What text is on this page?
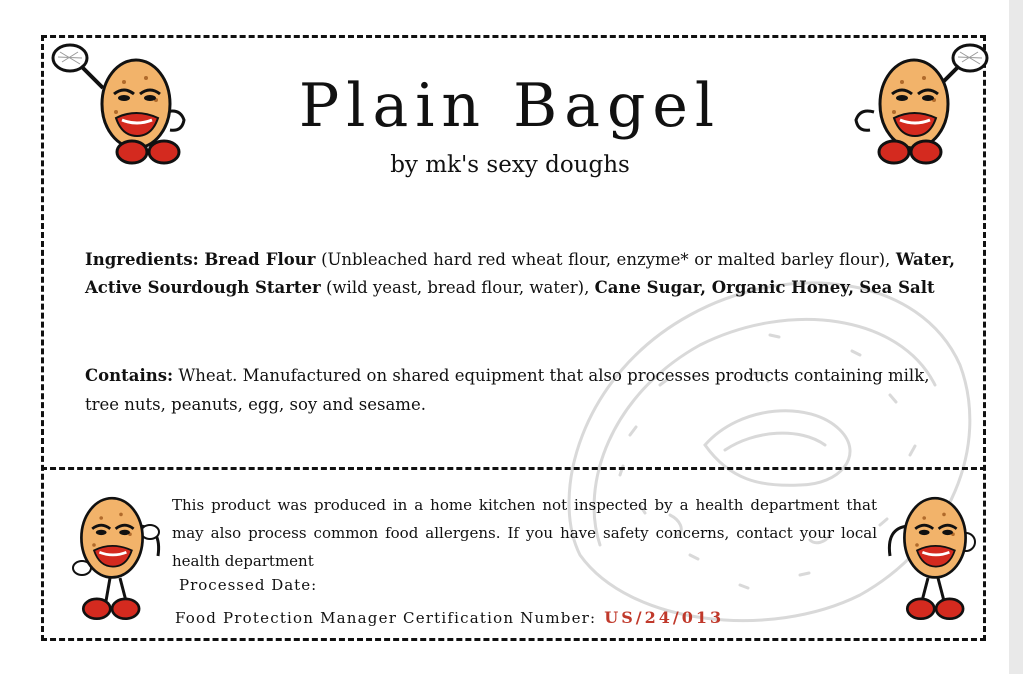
Plain Bagel
by mk's sexy doughs
Ingredients: Bread Flour (Unbleached hard red wheat flour, enzyme* or malted barley flour), Water, Active Sourdough Starter (wild yeast, bread flour, water), Cane Sugar, Organic Honey, Sea Salt
Contains: Wheat. Manufactured on shared equipment that also processes products containing milk, tree nuts, peanuts, egg, soy and sesame.
This product was produced in a home kitchen not inspected by a health department that may also process common food allergens. If you have safety concerns, contact your local health department
Processed Date:
Food Protection Manager Certification Number: US/24/013
